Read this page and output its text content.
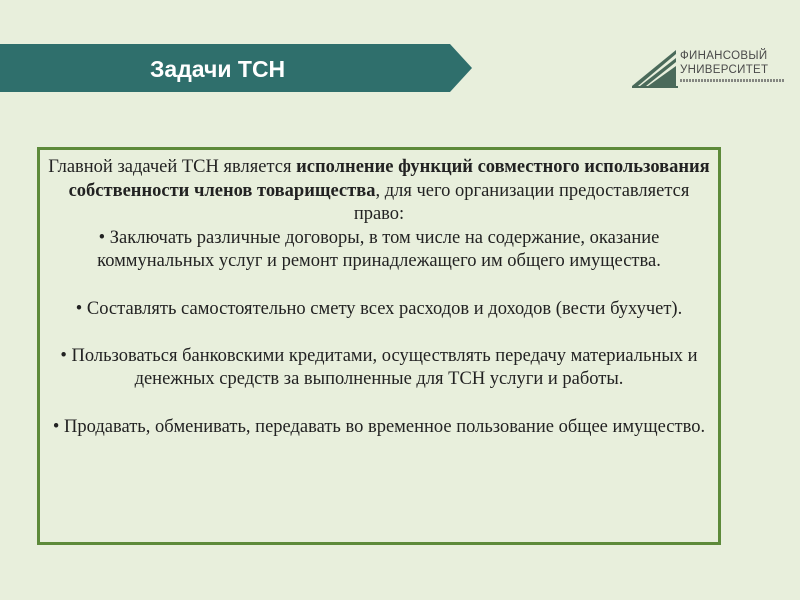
Задачи ТСН	ФИНАНСОВЫЙ
УНИВЕРСИТЕТ

Главной задачей ТСН является исполнение функций совместного использования собственности членов товарищества, для чего организации предоставляется право:

• Заключать различные договоры, в том числе на содержание, оказание коммунальных услуг и ремонт принадлежащего им общего имущества.

• Составлять самостоятельно смету всех расходов и доходов (вести бухучет).

• Пользоваться банковскими кредитами, осуществлять передачу материальных и денежных средств за выполненные для ТСН услуги и работы.

• Продавать, обменивать, передавать во временное пользование общее имущество.
